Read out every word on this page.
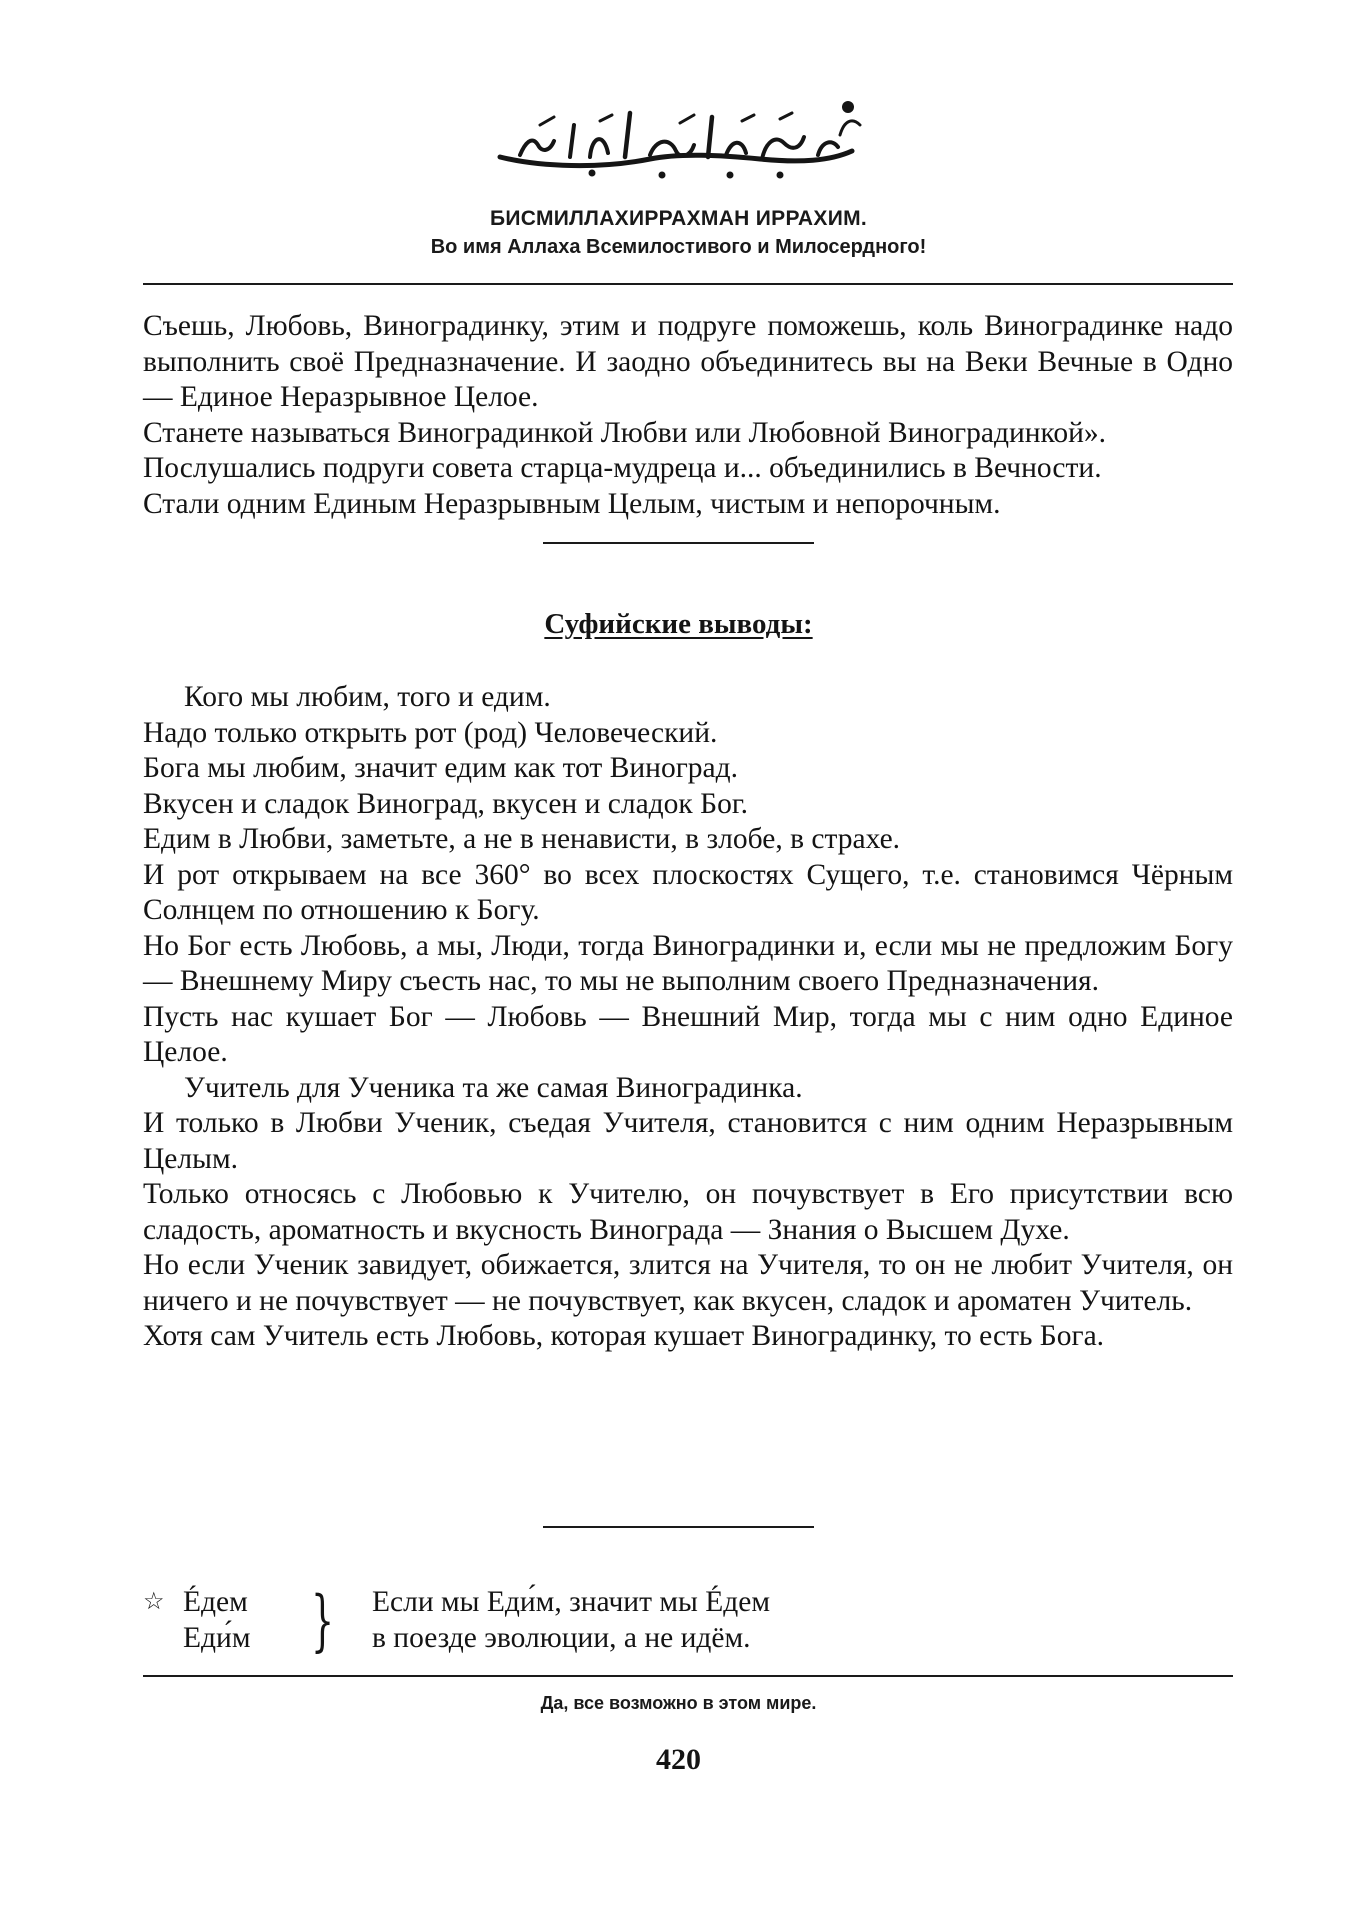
БИСМИЛЛАХИРРАХМАН ИРРАХИМ.
Во имя Аллаха Всемилостивого и Милосердного!

Съешь, Любовь, Виноградинку, этим и подруге поможешь, коль Виноградинке надо выполнить своё Предназначение. И заодно объединитесь вы на Веки Вечные в Одно — Единое Неразрывное Целое.

Станете называться Виноградинкой Любви или Любовной Виноградинкой».

Послушались подруги совета старца-мудреца и... объединились в Вечности.

Стали одним Единым Неразрывным Целым, чистым и непорочным.

Суфийские выводы:

Кого мы любим, того и едим.

Надо только открыть рот (род) Человеческий.

Бога мы любим, значит едим как тот Виноград.

Вкусен и сладок Виноград, вкусен и сладок Бог.

Едим в Любви, заметьте, а не в ненависти, в злобе, в страхе.

И рот открываем на все 360° во всех плоскостях Сущего, т.е. становимся Чёрным Солнцем по отношению к Богу.

Но Бог есть Любовь, а мы, Люди, тогда Виноградинки и, если мы не предложим Богу — Внешнему Миру съесть нас, то мы не выполним своего Предназначения.

Пусть нас кушает Бог — Любовь — Внешний Мир, тогда мы с ним одно Единое Целое.

Учитель для Ученика та же самая Виноградинка.

И только в Любви Ученик, съедая Учителя, становится с ним одним Неразрывным Целым.

Только относясь с Любовью к Учителю, он почувствует в Его присутствии всю сладость, ароматность и вкусность Винограда — Знания о Высшем Духе.

Но если Ученик завидует, обижается, злится на Учителя, то он не любит Учителя, он ничего и не почувствует — не почувствует, как вкусен, сладок и ароматен Учитель.

Хотя сам Учитель есть Любовь, которая кушает Виноградинку, то есть Бога.

☆ Éдем
Еди́м } Если мы Еди́м, значит мы Éдем
в поезде эволюции, а не идём.
Да, все возможно в этом мире.
420
